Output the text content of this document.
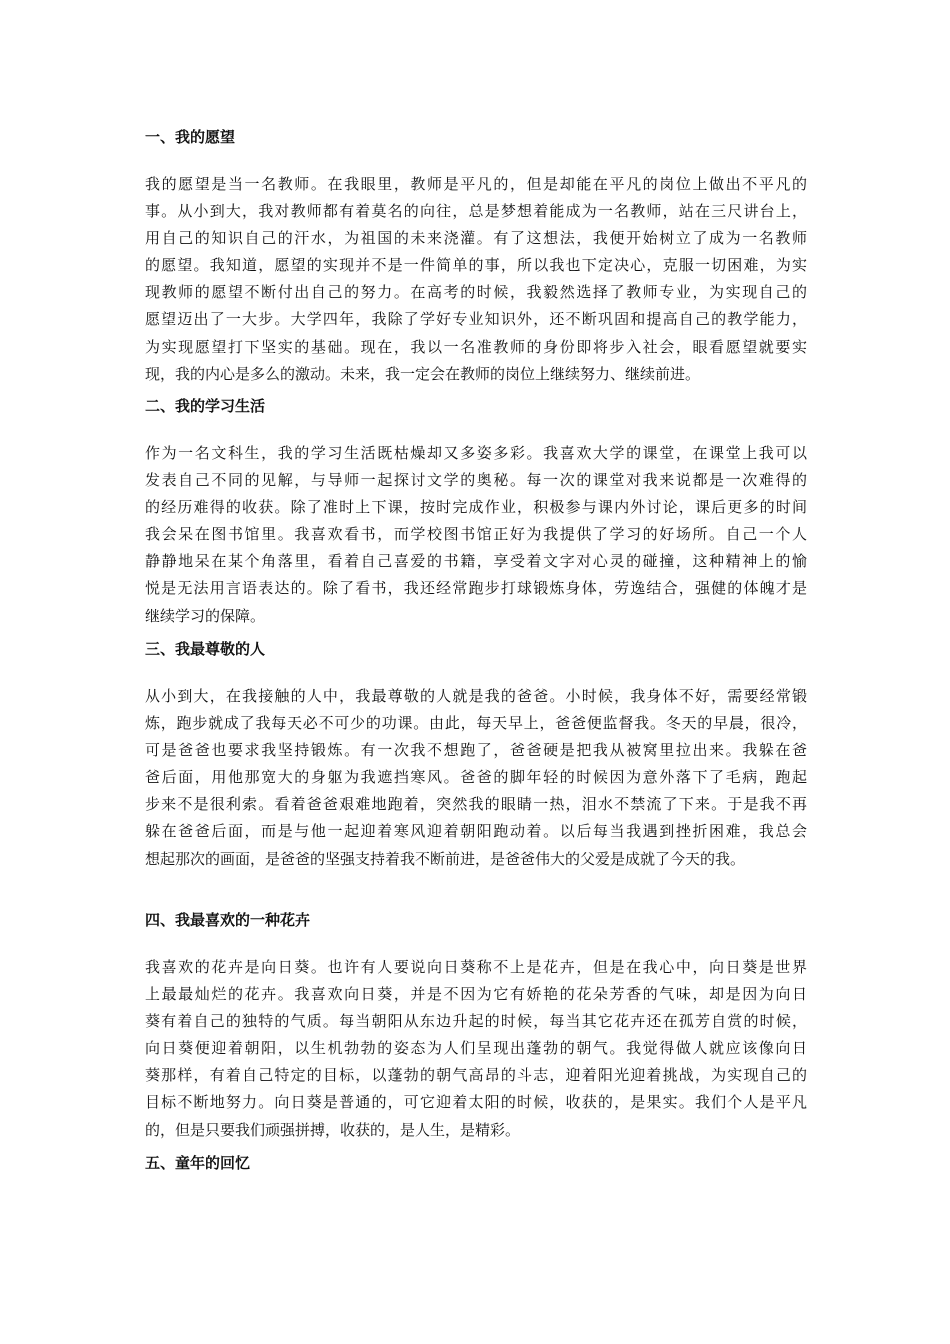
一、我的愿望
我的愿望是当一名教师。在我眼里，教师是平凡的，但是却能在平凡的岗位上做出不平凡的
事。从小到大，我对教师都有着莫名的向往，总是梦想着能成为一名教师，站在三尺讲台上，
用自己的知识自己的汗水，为祖国的未来浇灌。有了这想法，我便开始树立了成为一名教师
的愿望。我知道，愿望的实现并不是一件简单的事，所以我也下定决心，克服一切困难，为实
现教师的愿望不断付出自己的努力。在高考的时候，我毅然选择了教师专业，为实现自己的
愿望迈出了一大步。大学四年，我除了学好专业知识外，还不断巩固和提高自己的教学能力，
为实现愿望打下坚实的基础。现在，我以一名准教师的身份即将步入社会，眼看愿望就要实
现，我的内心是多么的激动。未来，我一定会在教师的岗位上继续努力、继续前进。
二、我的学习生活
作为一名文科生，我的学习生活既枯燥却又多姿多彩。我喜欢大学的课堂，在课堂上我可以
发表自己不同的见解，与导师一起探讨文学的奥秘。每一次的课堂对我来说都是一次难得的
的经历难得的收获。除了准时上下课，按时完成作业，积极参与课内外讨论，课后更多的时间
我会呆在图书馆里。我喜欢看书，而学校图书馆正好为我提供了学习的好场所。自己一个人
静静地呆在某个角落里，看着自己喜爱的书籍，享受着文字对心灵的碰撞，这种精神上的愉
悦是无法用言语表达的。除了看书，我还经常跑步打球锻炼身体，劳逸结合，强健的体魄才是
继续学习的保障。
三、我最尊敬的人
从小到大，在我接触的人中，我最尊敬的人就是我的爸爸。小时候，我身体不好，需要经常锻
炼，跑步就成了我每天必不可少的功课。由此，每天早上，爸爸便监督我。冬天的早晨，很冷，
可是爸爸也要求我坚持锻炼。有一次我不想跑了，爸爸硬是把我从被窝里拉出来。我躲在爸
爸后面，用他那宽大的身躯为我遮挡寒风。爸爸的脚年轻的时候因为意外落下了毛病，跑起
步来不是很利索。看着爸爸艰难地跑着，突然我的眼睛一热，泪水不禁流了下来。于是我不再
躲在爸爸后面，而是与他一起迎着寒风迎着朝阳跑动着。以后每当我遇到挫折困难，我总会
想起那次的画面，是爸爸的坚强支持着我不断前进，是爸爸伟大的父爱是成就了今天的我。
四、我最喜欢的一种花卉
我喜欢的花卉是向日葵。也许有人要说向日葵称不上是花卉，但是在我心中，向日葵是世界
上最最灿烂的花卉。我喜欢向日葵，并是不因为它有娇艳的花朵芳香的气味，却是因为向日
葵有着自己的独特的气质。每当朝阳从东边升起的时候，每当其它花卉还在孤芳自赏的时候，
向日葵便迎着朝阳，以生机勃勃的姿态为人们呈现出蓬勃的朝气。我觉得做人就应该像向日
葵那样，有着自己特定的目标，以蓬勃的朝气高昂的斗志，迎着阳光迎着挑战，为实现自己的
目标不断地努力。向日葵是普通的，可它迎着太阳的时候，收获的，是果实。我们个人是平凡
的，但是只要我们顽强拼搏，收获的，是人生，是精彩。
五、童年的回忆
